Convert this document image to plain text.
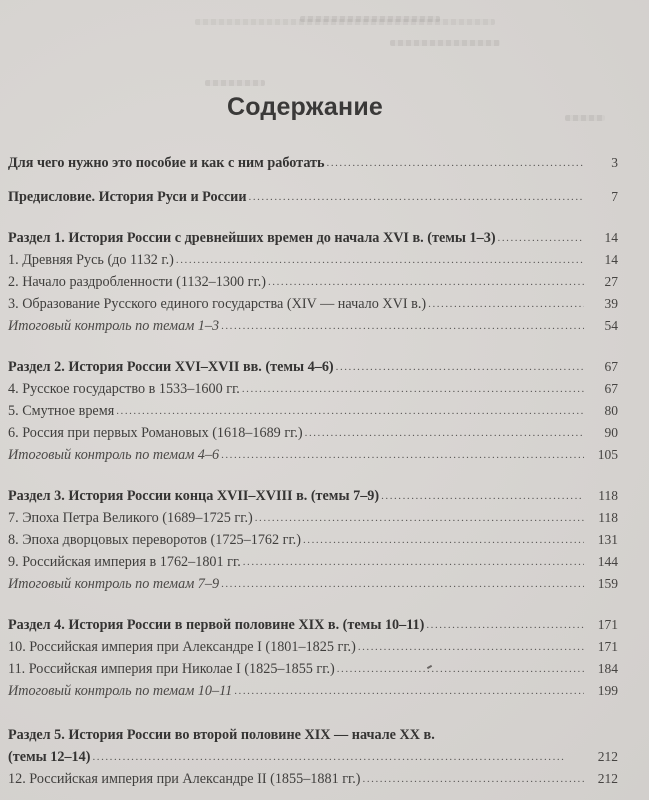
Содержание
Для чего нужно это пособие и как с ним работать . . .	3
Предисловие. История Руси и России . . .	7
Раздел 1. История России с древнейших времен до начала XVI в. (темы 1–3) . . .	14
1. Древняя Русь (до 1132 г.) . . .	14
2. Начало раздробленности (1132–1300 гг.) . . .	27
3. Образование Русского единого государства (XIV — начало XVI в.) . . .	39
Итоговый контроль по темам 1–3 . . .	54
Раздел 2. История России XVI–XVII вв. (темы 4–6) . . .	67
4. Русское государство в 1533–1600 гг. . . .	67
5. Смутное время . . .	80
6. Россия при первых Романовых (1618–1689 гг.) . . .	90
Итоговый контроль по темам 4–6 . . .	105
Раздел 3. История России конца XVII–XVIII в. (темы 7–9) . . .	118
7. Эпоха Петра Великого (1689–1725 гг.) . . .	118
8. Эпоха дворцовых переворотов (1725–1762 гг.) . . .	131
9. Российская империя в 1762–1801 гг. . . .	144
Итоговый контроль по темам 7–9 . . .	159
Раздел 4. История России в первой половине XIX в. (темы 10–11) . . .	171
10. Российская империя при Александре I (1801–1825 гг.) . . .	171
11. Российская империя при Николае I (1825–1855 гг.) . . .	184
Итоговый контроль по темам 10–11 . . .	199
Раздел 5. История России во второй половине XIX — начале XX в.
(темы 12–14) . . .	212
12. Российская империя при Александре II (1855–1881 гг.) . . .	212
